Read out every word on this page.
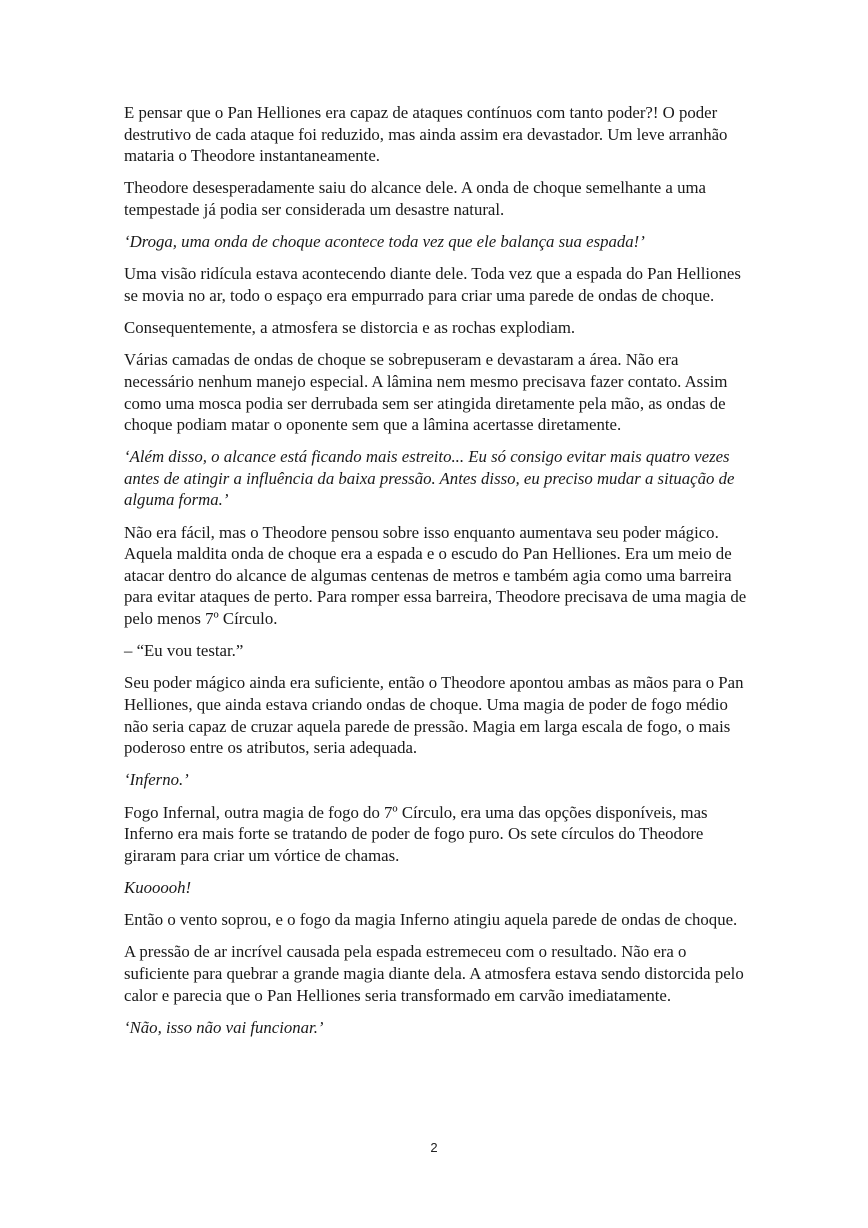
E pensar que o Pan Helliones era capaz de ataques contínuos com tanto poder?! O poder destrutivo de cada ataque foi reduzido, mas ainda assim era devastador. Um leve arranhão mataria o Theodore instantaneamente.

Theodore desesperadamente saiu do alcance dele. A onda de choque semelhante a uma tempestade já podia ser considerada um desastre natural.

‘Droga, uma onda de choque acontece toda vez que ele balança sua espada!’

Uma visão ridícula estava acontecendo diante dele. Toda vez que a espada do Pan Helliones se movia no ar, todo o espaço era empurrado para criar uma parede de ondas de choque.

Consequentemente, a atmosfera se distorcia e as rochas explodiam.

Várias camadas de ondas de choque se sobrepuseram e devastaram a área. Não era necessário nenhum manejo especial. A lâmina nem mesmo precisava fazer contato. Assim como uma mosca podia ser derrubada sem ser atingida diretamente pela mão, as ondas de choque podiam matar o oponente sem que a lâmina acertasse diretamente.

‘Além disso, o alcance está ficando mais estreito... Eu só consigo evitar mais quatro vezes antes de atingir a influência da baixa pressão. Antes disso, eu preciso mudar a situação de alguma forma.’

Não era fácil, mas o Theodore pensou sobre isso enquanto aumentava seu poder mágico. Aquela maldita onda de choque era a espada e o escudo do Pan Helliones. Era um meio de atacar dentro do alcance de algumas centenas de metros e também agia como uma barreira para evitar ataques de perto. Para romper essa barreira, Theodore precisava de uma magia de pelo menos 7º Círculo.

– “Eu vou testar.”

Seu poder mágico ainda era suficiente, então o Theodore apontou ambas as mãos para o Pan Helliones, que ainda estava criando ondas de choque. Uma magia de poder de fogo médio não seria capaz de cruzar aquela parede de pressão. Magia em larga escala de fogo, o mais poderoso entre os atributos, seria adequada.

‘Inferno.’

Fogo Infernal, outra magia de fogo do 7º Círculo, era uma das opções disponíveis, mas Inferno era mais forte se tratando de poder de fogo puro. Os sete círculos do Theodore giraram para criar um vórtice de chamas.

Kuooooh!

Então o vento soprou, e o fogo da magia Inferno atingiu aquela parede de ondas de choque.

A pressão de ar incrível causada pela espada estremeceu com o resultado. Não era o suficiente para quebrar a grande magia diante dela. A atmosfera estava sendo distorcida pelo calor e parecia que o Pan Helliones seria transformado em carvão imediatamente.

‘Não, isso não vai funcionar.’

2
